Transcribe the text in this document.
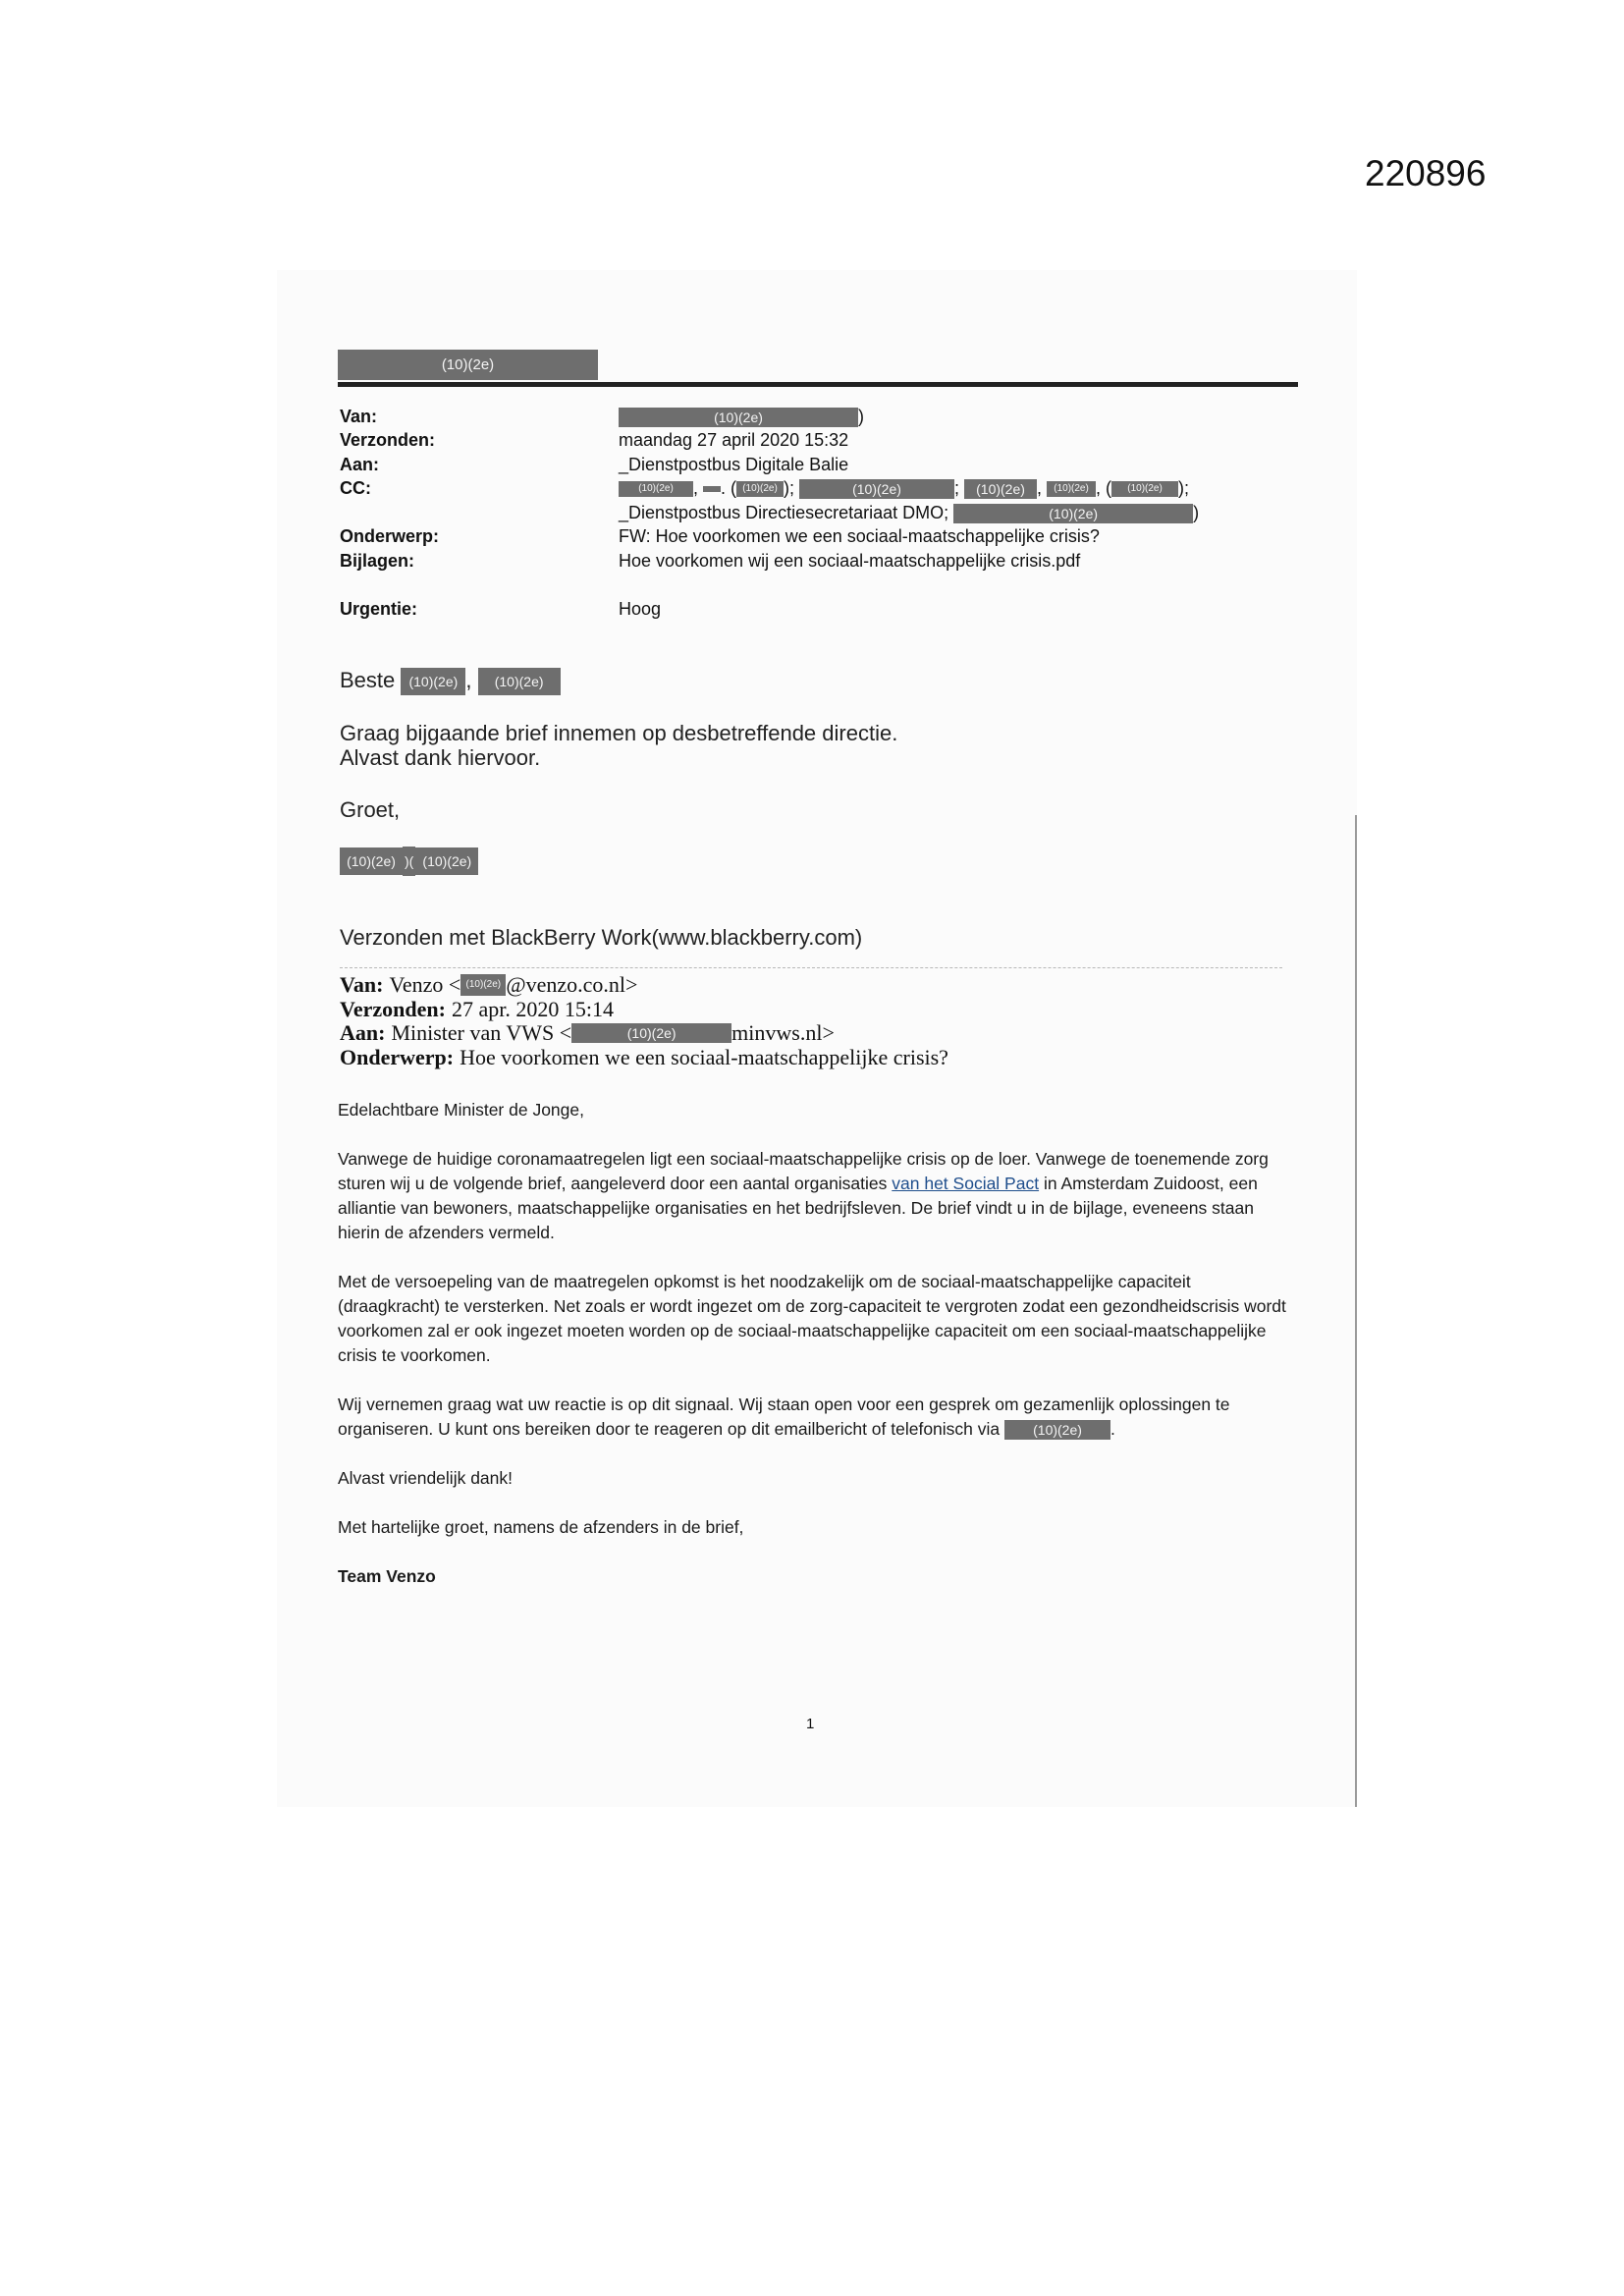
220896
(10)(2e)
Van:	(10)(2e)	)
Verzonden:	maandag 27 april 2020 15:32
Aan:	_Dienstpostbus Digitale Balie
CC:	(10)(2e) , . ( (10)(2e) );	(10)(2e)	; (10)(2e) , (10)(2e) , ( (10)(2e) );
_Dienstpostbus Directiesecretariaat DMO;	(10)(2e)	)
Onderwerp:	FW: Hoe voorkomen we een sociaal-maatschappelijke crisis?
Bijlagen:	Hoe voorkomen wij een sociaal-maatschappelijke crisis.pdf
Urgentie:	Hoog
Beste (10)(2e) , (10)(2e)
Graag bijgaande brief innemen op desbetreffende directie.
Alvast dank hiervoor.
Groet,
(10)(2e) )( (10)(2e)
Verzonden met BlackBerry Work(www.blackberry.com)
Van: Venzo < (10)(2e) @venzo.co.nl>
Verzonden: 27 apr. 2020 15:14
Aan: Minister van VWS <	(10)(2e)	minvws.nl>
Onderwerp: Hoe voorkomen we een sociaal-maatschappelijke crisis?
Edelachtbare Minister de Jonge,
Vanwege de huidige coronamaatregelen ligt een sociaal-maatschappelijke crisis op de loer. Vanwege de toenemende zorg sturen wij u de volgende brief, aangeleverd door een aantal organisaties van het Social Pact in Amsterdam Zuidoost, een alliantie van bewoners, maatschappelijke organisaties en het bedrijfsleven. De brief vindt u in de bijlage, eveneens staan hierin de afzenders vermeld.
Met de versoepeling van de maatregelen opkomst is het noodzakelijk om de sociaal-maatschappelijke capaciteit (draagkracht) te versterken. Net zoals er wordt ingezet om de zorg-capaciteit te vergroten zodat een gezondheidscrisis wordt voorkomen zal er ook ingezet moeten worden op de sociaal-maatschappelijke capaciteit om een sociaal-maatschappelijke crisis te voorkomen.
Wij vernemen graag wat uw reactie is op dit signaal. Wij staan open voor een gesprek om gezamenlijk oplossingen te organiseren. U kunt ons bereiken door te reageren op dit emailbericht of telefonisch via (10)(2e) .
Alvast vriendelijk dank!
Met hartelijke groet, namens de afzenders in de brief,
Team Venzo
1
